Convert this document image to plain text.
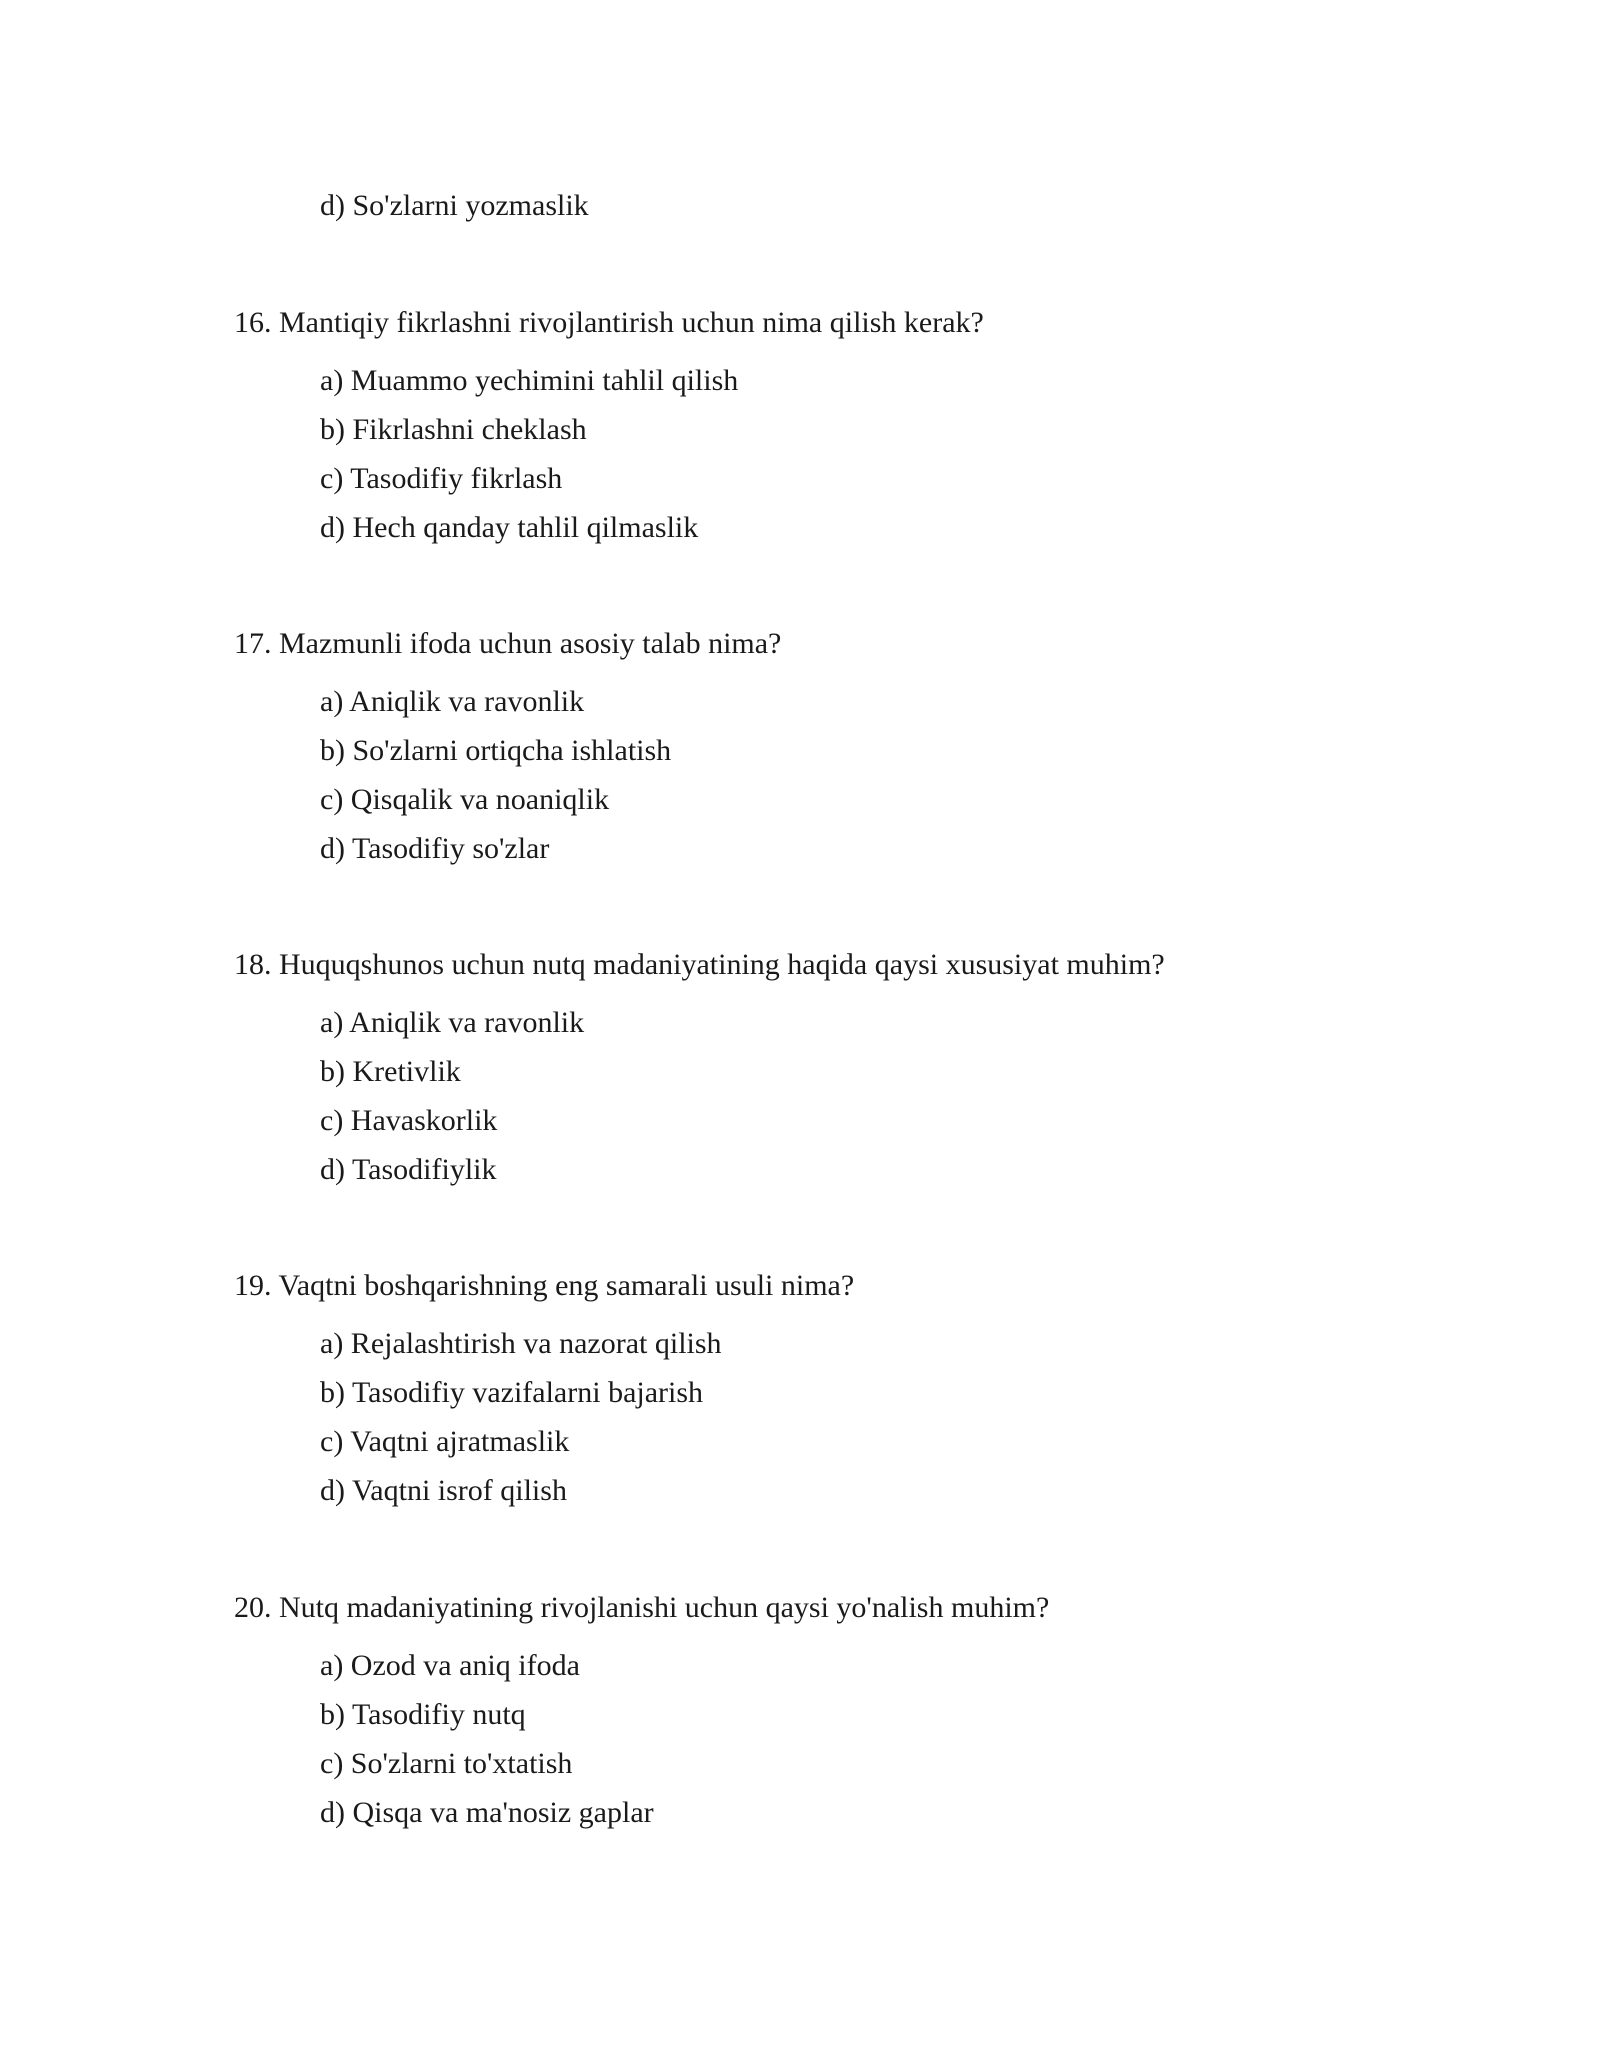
d) So'zlarni yozmaslik
16. Mantiqiy fikrlashni rivojlantirish uchun nima qilish kerak?
a) Muammo yechimini tahlil qilish
b) Fikrlashni cheklash
c) Tasodifiy fikrlash
d) Hech qanday tahlil qilmaslik
17. Mazmunli ifoda uchun asosiy talab nima?
a) Aniqlik va ravonlik
b) So'zlarni ortiqcha ishlatish
c) Qisqalik va noaniqlik
d) Tasodifiy so'zlar
18. Huquqshunos uchun nutq madaniyatining haqida qaysi xususiyat muhim?
a) Aniqlik va ravonlik
b) Kretivlik
c) Havaskorlik
d) Tasodifiylik
19. Vaqtni boshqarishning eng samarali usuli nima?
a) Rejalashtirish va nazorat qilish
b) Tasodifiy vazifalarni bajarish
c) Vaqtni ajratmaslik
d) Vaqtni isrof qilish
20. Nutq madaniyatining rivojlanishi uchun qaysi yo'nalish muhim?
a) Ozod va aniq ifoda
b) Tasodifiy nutq
c) So'zlarni to'xtatish
d) Qisqa va ma'nosiz gaplar
